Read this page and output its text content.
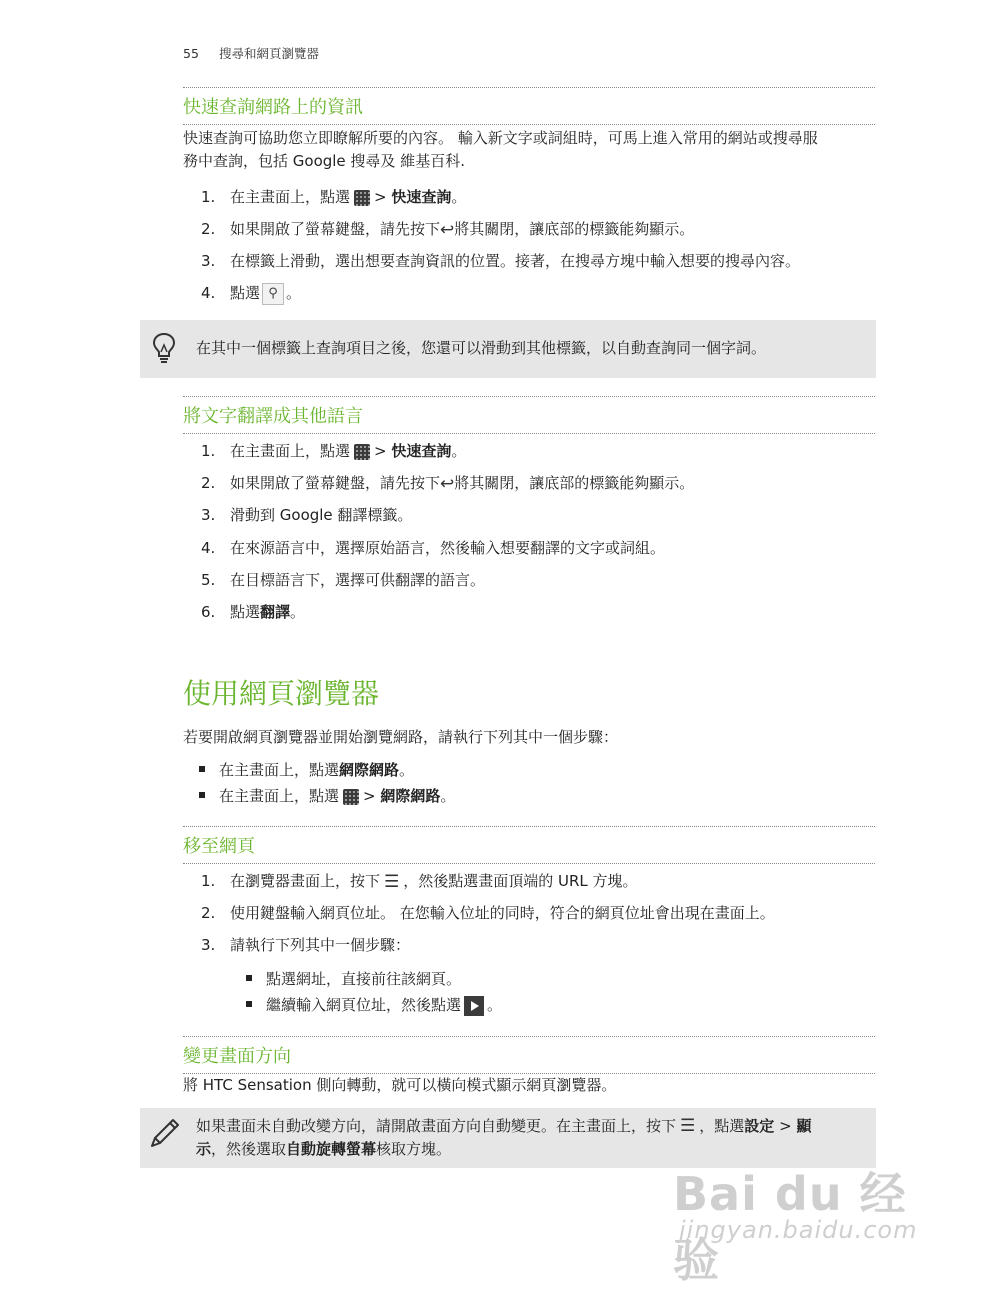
55 搜尋和網頁瀏覽器
快速查詢網路上的資訊
快速查詢可協助您立即瞭解所要的內容。 輸入新文字或詞組時，可馬上進入常用的網站或搜尋服
務中查詢，包括 Google 搜尋及 維基百科.
1. 在主畫面上，點選 > 快速查詢。
2. 如果開啟了螢幕鍵盤，請先按下↩將其關閉，讓底部的標籤能夠顯示。
3. 在標籤上滑動，選出想要查詢資訊的位置。接著，在搜尋方塊中輸入想要的搜尋內容。
4. 點選 ⚲ 。
在其中一個標籤上查詢項目之後，您還可以滑動到其他標籤，以自動查詢同一個字詞。
將文字翻譯成其他語言
1. 在主畫面上，點選 > 快速查詢。
2. 如果開啟了螢幕鍵盤，請先按下↩將其關閉，讓底部的標籤能夠顯示。
3. 滑動到 Google 翻譯標籤。
4. 在來源語言中，選擇原始語言，然後輸入想要翻譯的文字或詞組。
5. 在目標語言下，選擇可供翻譯的語言。
6. 點選翻譯。
使用網頁瀏覽器
若要開啟網頁瀏覽器並開始瀏覽網路，請執行下列其中一個步驟：
在主畫面上，點選網際網路。
在主畫面上，點選 > 網際網路。
移至網頁
1. 在瀏覽器畫面上，按下 ☰ ，然後點選畫面頂端的 URL 方塊。
2. 使用鍵盤輸入網頁位址。 在您輸入位址的同時，符合的網頁位址會出現在畫面上。
3. 請執行下列其中一個步驟：
點選網址，直接前往該網頁。
繼續輸入網頁位址，然後點選 。
變更畫面方向
將 HTC Sensation 側向轉動，就可以橫向模式顯示網頁瀏覽器。
如果畫面未自動改變方向，請開啟畫面方向自動變更。在主畫面上，按下 ☰ ，點選設定 > 顯
示，然後選取自動旋轉螢幕核取方塊。
Bai du 经验
jingyan.baidu.com
